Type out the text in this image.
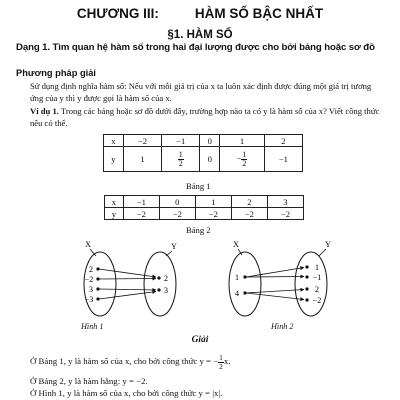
CHƯƠNG III:	HÀM SỐ BẬC NHẤT
§1. HÀM SỐ
Dạng 1. Tìm quan hệ hàm số trong hai đại lượng được cho bởi bảng hoặc sơ đồ
Phương pháp giải
Sử dụng định nghĩa hàm số: Nếu với mỗi giá trị của x ta luôn xác định được đúng một giá trị tương ứng của y thì y được gọi là hàm số của x.
Ví dụ 1. Trong các bảng hoặc sơ đồ dưới đây, trường hợp nào ta có y là hàm số của x? Viết công thức nếu có thể.
x	−2	−1	0	1	2
y	1	$\frac{1}{2}$	0	− $\frac{1}{2}$	−1
Bảng 1
x	−1	0	1	2	3
y	−2	−2	−2	−2	−2
Bảng 2
X	Y
2
−2
3
−3
2
3
X	Y
1
4
1
−1
2
−2
Hình 1	Hình 2
Giải
Ở Bảng 1, y là hàm số của x, cho bởi công thức y = − $\frac{1}{2} x$.
Ở Bảng 2, y là hàm hằng: y = −2.
Ở Hình 1, y là hàm số của x, cho bởi công thức y = |x|.
